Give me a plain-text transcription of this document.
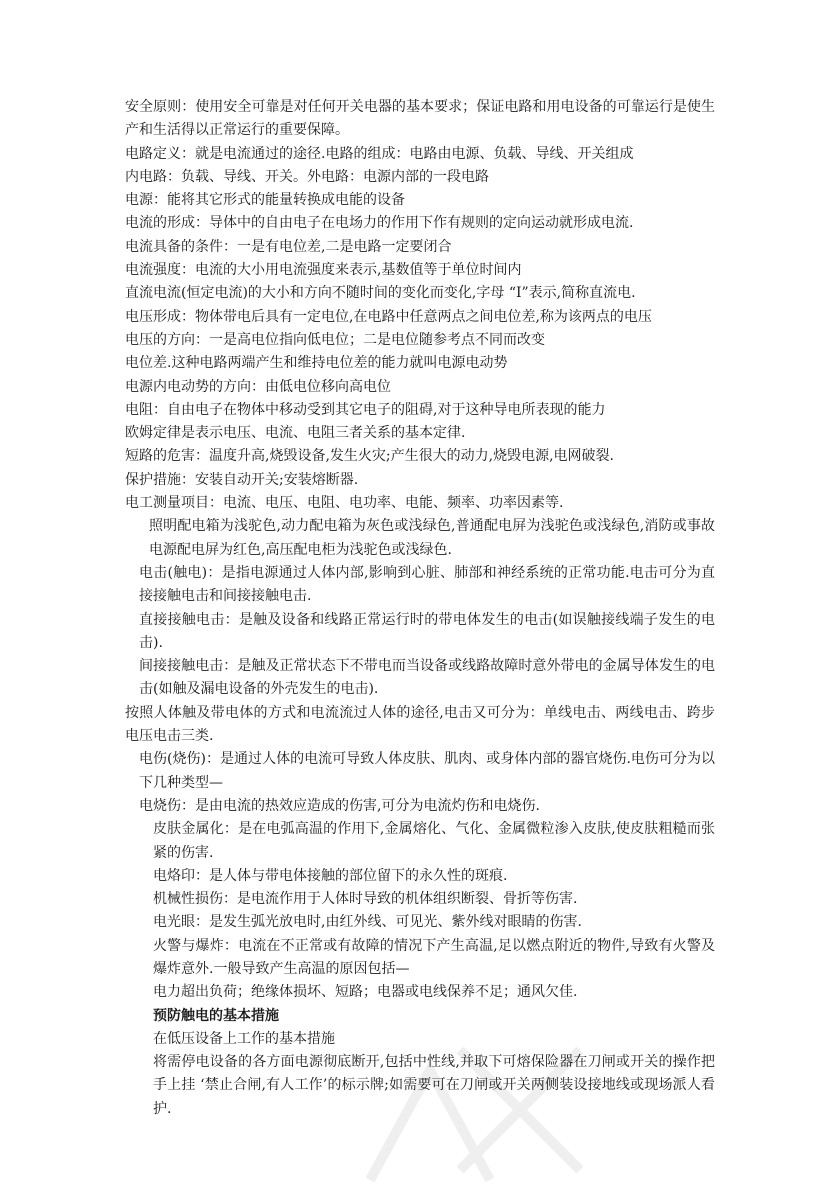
安全原则：使用安全可靠是对任何开关电器的基本要求；保证电路和用电设备的可靠运行是使生产和生活得以正常运行的重要保障。

电路定义：就是电流通过的途径.电路的组成：电路由电源、负载、导线、开关组成

内电路：负载、导线、开关。外电路：电源内部的一段电路

电源：能将其它形式的能量转换成电能的设备

电流的形成：导体中的自由电子在电场力的作用下作有规则的定向运动就形成电流.

电流具备的条件：一是有电位差,二是电路一定要闭合

电流强度：电流的大小用电流强度来表示,基数值等于单位时间内

直流电流(恒定电流)的大小和方向不随时间的变化而变化,字母 “I”表示,简称直流电.

电压形成：物体带电后具有一定电位,在电路中任意两点之间电位差,称为该两点的电压

电压的方向：一是高电位指向低电位；二是电位随参考点不同而改变

电位差.这种电路两端产生和维持电位差的能力就叫电源电动势

电源内电动势的方向：由低电位移向高电位

电阻：自由电子在物体中移动受到其它电子的阻碍,对于这种导电所表现的能力

欧姆定律是表示电压、电流、电阻三者关系的基本定律.

短路的危害：温度升高,烧毁设备,发生火灾;产生很大的动力,烧毁电源,电网破裂.

保护措施：安装自动开关;安装熔断器.

电工测量项目：电流、电压、电阻、电功率、电能、频率、功率因素等.

照明配电箱为浅驼色,动力配电箱为灰色或浅绿色,普通配电屏为浅驼色或浅绿色,消防或事故电源配电屏为红色,高压配电柜为浅驼色或浅绿色.

电击(触电)：是指电源通过人体内部,影响到心脏、肺部和神经系统的正常功能.电击可分为直接接触电击和间接接触电击.

直接接触电击：是触及设备和线路正常运行时的带电体发生的电击(如误触接线端子发生的电击).

间接接触电击：是触及正常状态下不带电而当设备或线路故障时意外带电的金属导体发生的电击(如触及漏电设备的外壳发生的电击).

按照人体触及带电体的方式和电流流过人体的途径,电击又可分为：单线电击、两线电击、跨步电压电击三类.

电伤(烧伤)：是通过人体的电流可导致人体皮肤、肌肉、或身体内部的器官烧伤.电伤可分为以下几种类型—

电烧伤：是由电流的热效应造成的伤害,可分为电流灼伤和电烧伤.

皮肤金属化：是在电弧高温的作用下,金属熔化、气化、金属微粒渗入皮肤,使皮肤粗糙而张紧的伤害.

电烙印：是人体与带电体接触的部位留下的永久性的斑痕.

机械性损伤：是电流作用于人体时导致的机体组织断裂、骨折等伤害.

电光眼：是发生弧光放电时,由红外线、可见光、紫外线对眼睛的伤害.

火警与爆炸：电流在不正常或有故障的情况下产生高温,足以燃点附近的物件,导致有火警及爆炸意外.一般导致产生高温的原因包括—

电力超出负荷；绝缘体损坏、短路；电器或电线保养不足；通风欠佳.

预防触电的基本措施

在低压设备上工作的基本措施

将需停电设备的各方面电源彻底断开,包括中性线,并取下可熔保险器在刀闸或开关的操作把手上挂 ‘禁止合闸,有人工作’的标示牌;如需要可在刀闸或开关两侧装设接地线或现场派人看护.
